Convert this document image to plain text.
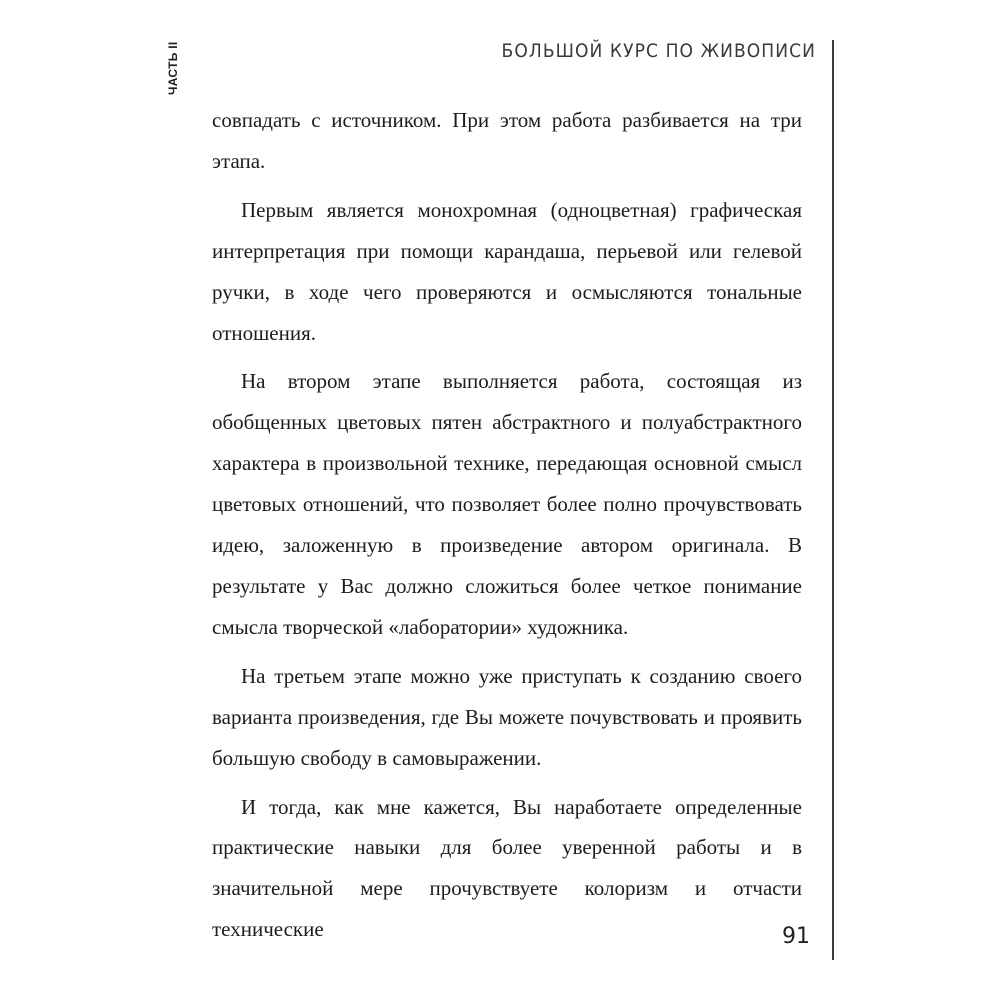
ЧАСТЬ II	БОЛЬШОЙ КУРС ПО ЖИВОПИСИ

совпадать с источником. При этом работа разбивается на три этапа.

Первым является монохромная (одноцветная) графическая интерпретация при помощи карандаша, перьевой или гелевой ручки, в ходе чего проверяются и осмысляются тональные отношения.

На втором этапе выполняется работа, состоящая из обобщенных цветовых пятен абстрактного и полуабстрактного характера в произвольной технике, передающая основной смысл цветовых отношений, что позволяет более полно прочувствовать идею, заложенную в произведение автором оригинала. В результате у Вас должно сложиться более четкое понимание смысла творческой «лаборатории» художника.

На третьем этапе можно уже приступать к созданию своего варианта произведения, где Вы можете почувствовать и проявить большую свободу в самовыражении.

И тогда, как мне кажется, Вы наработаете определенные практические навыки для более уверенной работы и в значительной мере прочувствуете колоризм и отчасти технические	91
